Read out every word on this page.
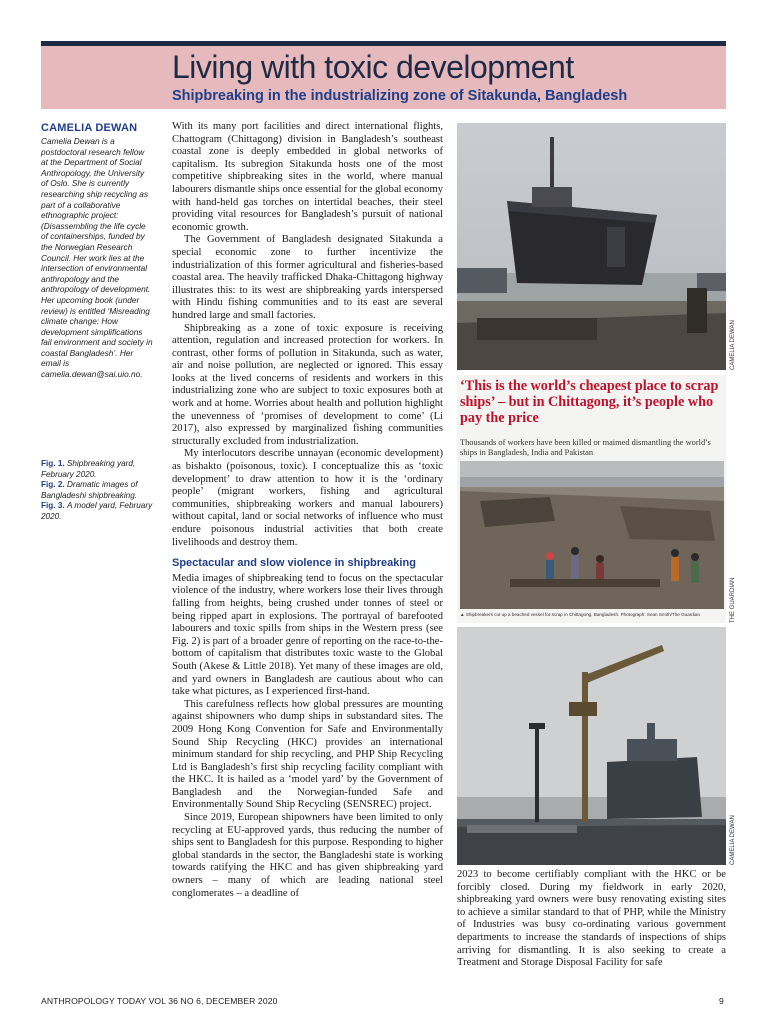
Living with toxic development
Shipbreaking in the industrializing zone of Sitakunda, Bangladesh
CAMELIA DEWAN
Camelia Dewan is a postdoctoral research fellow at the Department of Social Anthropology, the University of Oslo. She is currently researching ship recycling as part of a collaborative ethnographic project: (Disassembling the life cycle of containerships, funded by the Norwegian Research Council. Her work lies at the intersection of environmental anthropology and the anthropology of development. Her upcoming book (under review) is entitled ‘Misreading climate change: How development simplifications fail environment and society in coastal Bangladesh’. Her email is camelia.dewan@sai.uio.no.
Fig. 1. Shipbreaking yard, February 2020.
Fig. 2. Dramatic images of Bangladeshi shipbreaking.
Fig. 3. A model yard, February 2020.

With its many port facilities and direct international flights, Chattogram (Chittagong) division in Bangladesh’s southeast coastal zone is deeply embedded in global networks of capitalism. Its subregion Sitakunda hosts one of the most competitive shipbreaking sites in the world, where manual labourers dismantle ships once essential for the global economy with hand-held gas torches on intertidal beaches, their steel providing vital resources for Bangladesh’s pursuit of national economic growth.

The Government of Bangladesh designated Sitakunda a special economic zone to further incentivize the industrialization of this former agricultural and fisheries-based coastal area. The heavily trafficked Dhaka-Chittagong highway illustrates this: to its west are shipbreaking yards interspersed with Hindu fishing communities and to its east are several hundred large and small factories.

Shipbreaking as a zone of toxic exposure is receiving attention, regulation and increased protection for workers. In contrast, other forms of pollution in Sitakunda, such as water, air and noise pollution, are neglected or ignored. This essay looks at the lived concerns of residents and workers in this industrializing zone who are subject to toxic exposures both at work and at home. Worries about health and pollution highlight the unevenness of ‘promises of development to come’ (Li 2017), also expressed by marginalized fishing communities structurally excluded from industrialization.

My interlocutors describe unnayan (economic development) as bishakto (poisonous, toxic). I conceptualize this as ‘toxic development’ to draw attention to how it is the ‘ordinary people’ (migrant workers, fishing and agricultural communities, shipbreaking workers and manual labourers) without capital, land or social networks of influence who must endure poisonous industrial activities that both create livelihoods and destroy them.

Spectacular and slow violence in shipbreaking

Media images of shipbreaking tend to focus on the spectacular violence of the industry, where workers lose their lives through falling from heights, being crushed under tonnes of steel or being ripped apart in explosions. The portrayal of barefooted labourers and toxic spills from ships in the Western press (see Fig. 2) is part of a broader genre of reporting on the race-to-the-bottom of capitalism that distributes toxic waste to the Global South (Akese & Little 2018). Yet many of these images are old, and yard owners in Bangladesh are cautious about who can take what pictures, as I experienced first-hand.

This carefulness reflects how global pressures are mounting against shipowners who dump ships in substandard sites. The 2009 Hong Kong Convention for Safe and Environmentally Sound Ship Recycling (HKC) provides an international minimum standard for ship recycling, and PHP Ship Recycling Ltd is Bangladesh’s first ship recycling facility compliant with the HKC. It is hailed as a ‘model yard’ by the Government of Bangladesh and the Norwegian-funded Safe and Environmentally Sound Ship Recycling (SENSREC) project.

Since 2019, European shipowners have been limited to only recycling at EU-approved yards, thus reducing the number of ships sent to Bangladesh for this purpose. Responding to higher global standards in the sector, the Bangladeshi state is working towards ratifying the HKC and has given shipbreaking yard owners – many of which are leading national steel conglomerates – a deadline of

CAMELIA DEWAN
‘This is the world’s cheapest place to scrap ships’ – but in Chittagong, it’s people who pay the price
Thousands of workers have been killed or maimed dismantling the world’s ships in Bangladesh, India and Pakistan
▲ Shipbreakers cut up a beached vessel for scrap in Chittagong, Bangladesh. Photograph: Sean Smith/The Guardian	THE GUARDIAN
CAMELIA DEWAN

2023 to become certifiably compliant with the HKC or be forcibly closed. During my fieldwork in early 2020, shipbreaking yard owners were busy renovating existing sites to achieve a similar standard to that of PHP, while the Ministry of Industries was busy co-ordinating various government departments to increase the standards of inspections of ships arriving for dismantling. It is also seeking to create a Treatment and Storage Disposal Facility for safe

ANTHROPOLOGY TODAY VOL 36 NO 6, DECEMBER 2020	9
